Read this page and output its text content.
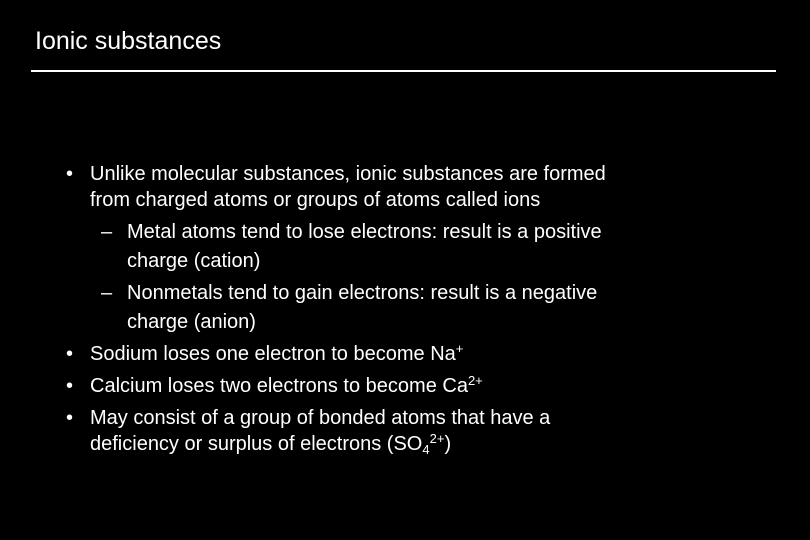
Ionic substances
• Unlike molecular substances, ionic substances are formed
from charged atoms or groups of atoms called ions
– Metal atoms tend to lose electrons: result is a positive
charge (cation)
– Nonmetals tend to gain electrons: result is a negative
charge (anion)
• Sodium loses one electron to become Na+
• Calcium loses two electrons to become $Ca^{2+}$
• May consist of a group of bonded atoms that have a
deficiency or surplus of electrons $(SO_4^{2+})$
